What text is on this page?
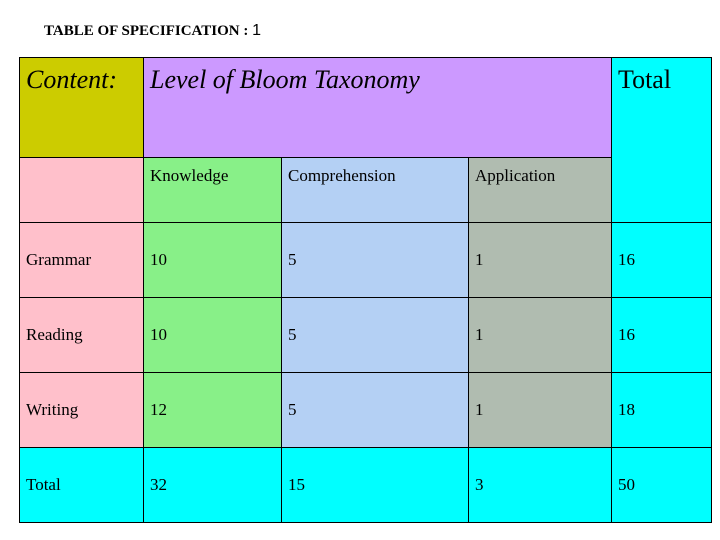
TABLE OF SPECIFICATION : 1
Content:	Level of Bloom Taxonomy			Total
	Knowledge	Comprehension	Application	
Grammar	10	5	1	16
Reading	10	5	1	16
Writing	12	5	1	18
Total	32	15	3	50
